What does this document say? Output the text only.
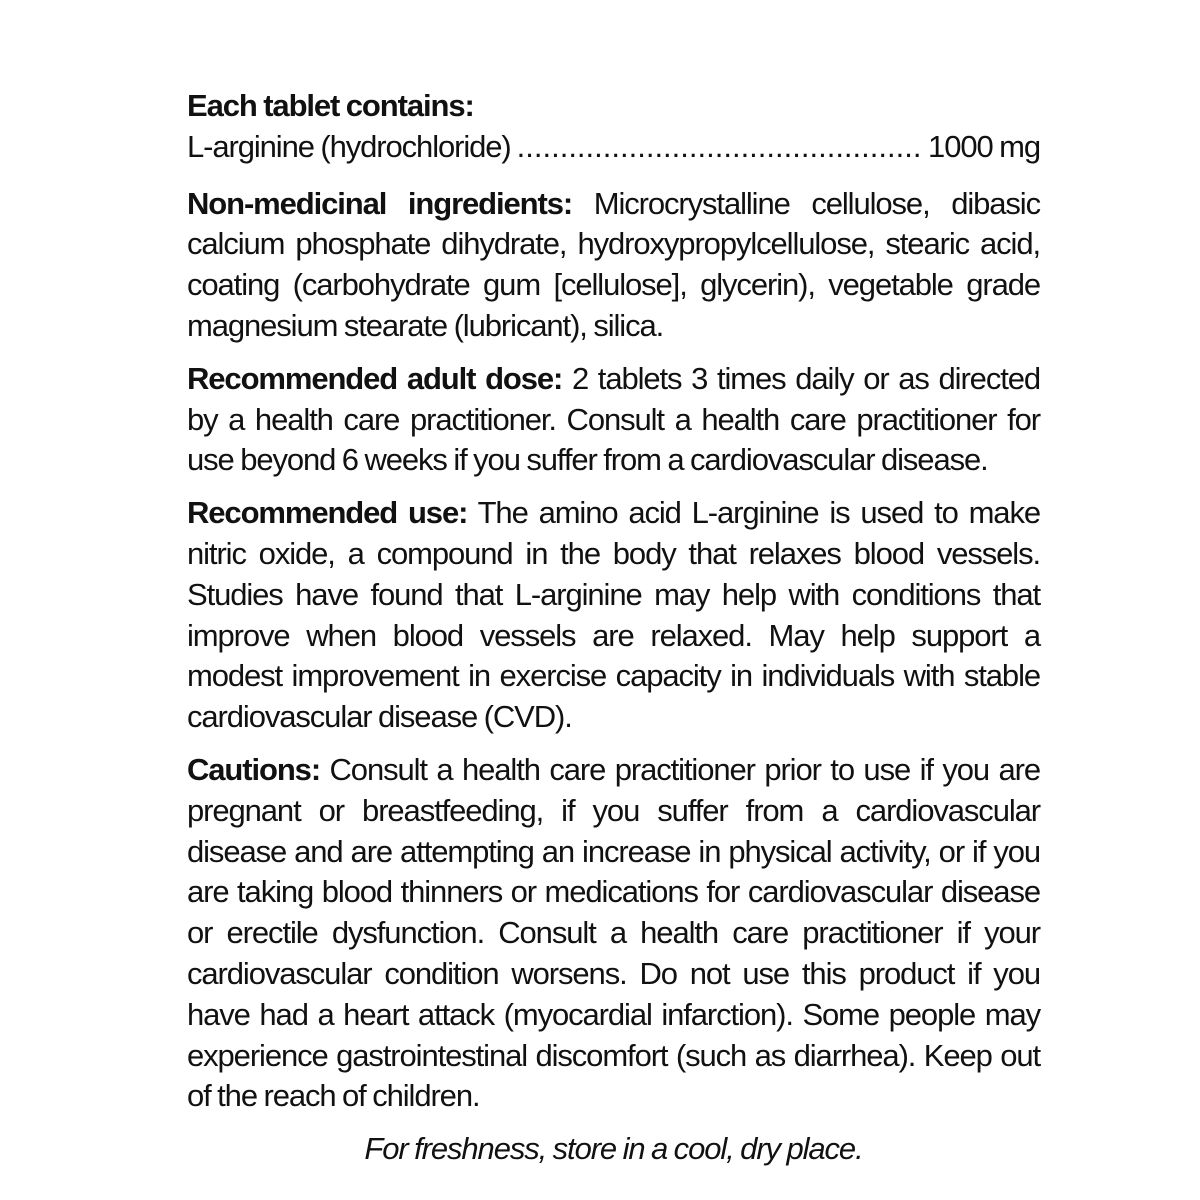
Each tablet contains:
L-arginine (hydrochloride)
.....	1000 mg

Non-medicinal ingredients: Microcrystalline cellulose, dibasic calcium phosphate dihydrate, hydroxypropylcellulose, stearic acid, coating (carbohydrate gum [cellulose], glycerin), vegetable grade magnesium stearate (lubricant), silica.

Recommended adult dose: 2 tablets 3 times daily or as directed by a health care practitioner. Consult a health care practitioner for use beyond 6 weeks if you suffer from a cardiovascular disease.

Recommended use: The amino acid L-arginine is used to make nitric oxide, a compound in the body that relaxes blood vessels. Studies have found that L-arginine may help with conditions that improve when blood vessels are relaxed. May help support a modest improvement in exercise capacity in individuals with stable cardiovascular disease (CVD).

Cautions: Consult a health care practitioner prior to use if you are pregnant or breastfeeding, if you suffer from a cardiovascular disease and are attempting an increase in physical activity, or if you are taking blood thinners or medications for cardiovascular disease or erectile dysfunction. Consult a health care practitioner if your cardiovascular condition worsens. Do not use this product if you have had a heart attack (myocardial infarction). Some people may experience gastrointestinal discomfort (such as diarrhea). Keep out of the reach of children.

For freshness, store in a cool, dry place.
